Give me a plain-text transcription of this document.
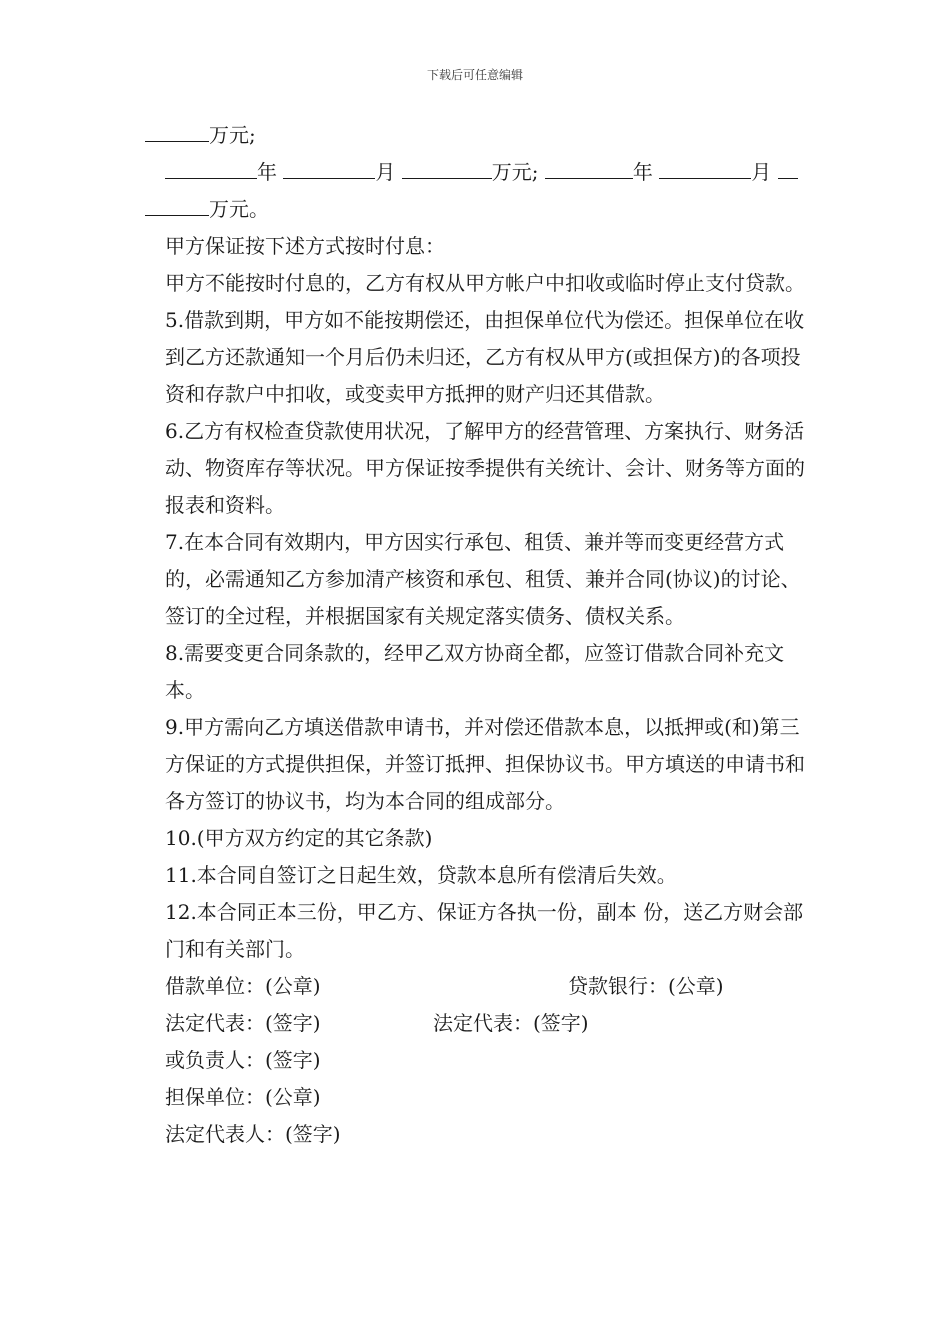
下载后可任意编辑

万元;

年	月	万元;	年	月

万元。

甲方保证按下述方式按时付息：

甲方不能按时付息的，乙方有权从甲方帐户中扣收或临时停止支付贷款。

5.借款到期，甲方如不能按期偿还，由担保单位代为偿还。担保单位在收到乙方还款通知一个月后仍未归还，乙方有权从甲方(或担保方)的各项投资和存款户中扣收，或变卖甲方抵押的财产归还其借款。

6.乙方有权检查贷款使用状况，了解甲方的经营管理、方案执行、财务活动、物资库存等状况。甲方保证按季提供有关统计、会计、财务等方面的报表和资料。

7.在本合同有效期内，甲方因实行承包、租赁、兼并等而变更经营方式的，必需通知乙方参加清产核资和承包、租赁、兼并合同(协议)的讨论、签订的全过程，并根据国家有关规定落实债务、债权关系。

8.需要变更合同条款的，经甲乙双方协商全都，应签订借款合同补充文本。

9.甲方需向乙方填送借款申请书，并对偿还借款本息，以抵押或(和)第三方保证的方式提供担保，并签订抵押、担保协议书。甲方填送的申请书和各方签订的协议书，均为本合同的组成部分。

10.(甲方双方约定的其它条款)

11.本合同自签订之日起生效，贷款本息所有偿清后失效。

12.本合同正本三份，甲乙方、保证方各执一份，副本 份，送乙方财会部门和有关部门。

借款单位：(公章)	贷款银行：(公章)
法定代表：(签字)	法定代表：(签字)
或负责人：(签字)
担保单位：(公章)
法定代表人：(签字)
